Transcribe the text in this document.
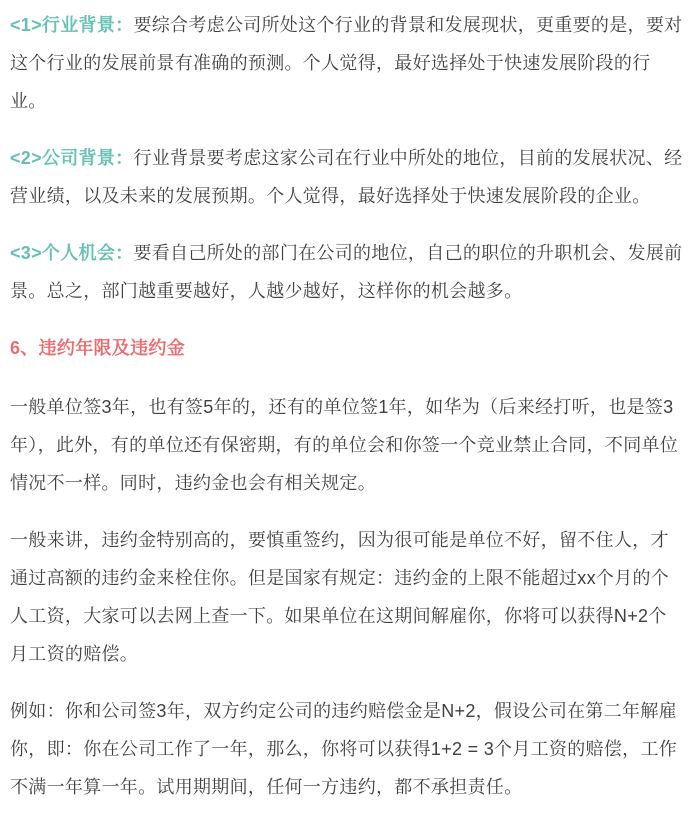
<1>行业背景：要综合考虑公司所处这个行业的背景和发展现状，更重要的是，要对这个行业的发展前景有准确的预测。个人觉得，最好选择处于快速发展阶段的行业。

<2>公司背景：行业背景要考虑这家公司在行业中所处的地位，目前的发展状况、经营业绩，以及未来的发展预期。个人觉得，最好选择处于快速发展阶段的企业。

<3>个人机会：要看自己所处的部门在公司的地位，自己的职位的升职机会、发展前景。总之，部门越重要越好，人越少越好，这样你的机会越多。

6、违约年限及违约金

一般单位签3年，也有签5年的，还有的单位签1年，如华为（后来经打听，也是签3年），此外，有的单位还有保密期，有的单位会和你签一个竞业禁止合同，不同单位情况不一样。同时，违约金也会有相关规定。

一般来讲，违约金特别高的，要慎重签约，因为很可能是单位不好，留不住人，才通过高额的违约金来栓住你。但是国家有规定：违约金的上限不能超过xx个月的个人工资，大家可以去网上查一下。如果单位在这期间解雇你，你将可以获得N+2个月工资的赔偿。

例如：你和公司签3年，双方约定公司的违约赔偿金是N+2，假设公司在第二年解雇你，即：你在公司工作了一年，那么，你将可以获得1+2 = 3个月工资的赔偿，工作不满一年算一年。试用期期间，任何一方违约，都不承担责任。
